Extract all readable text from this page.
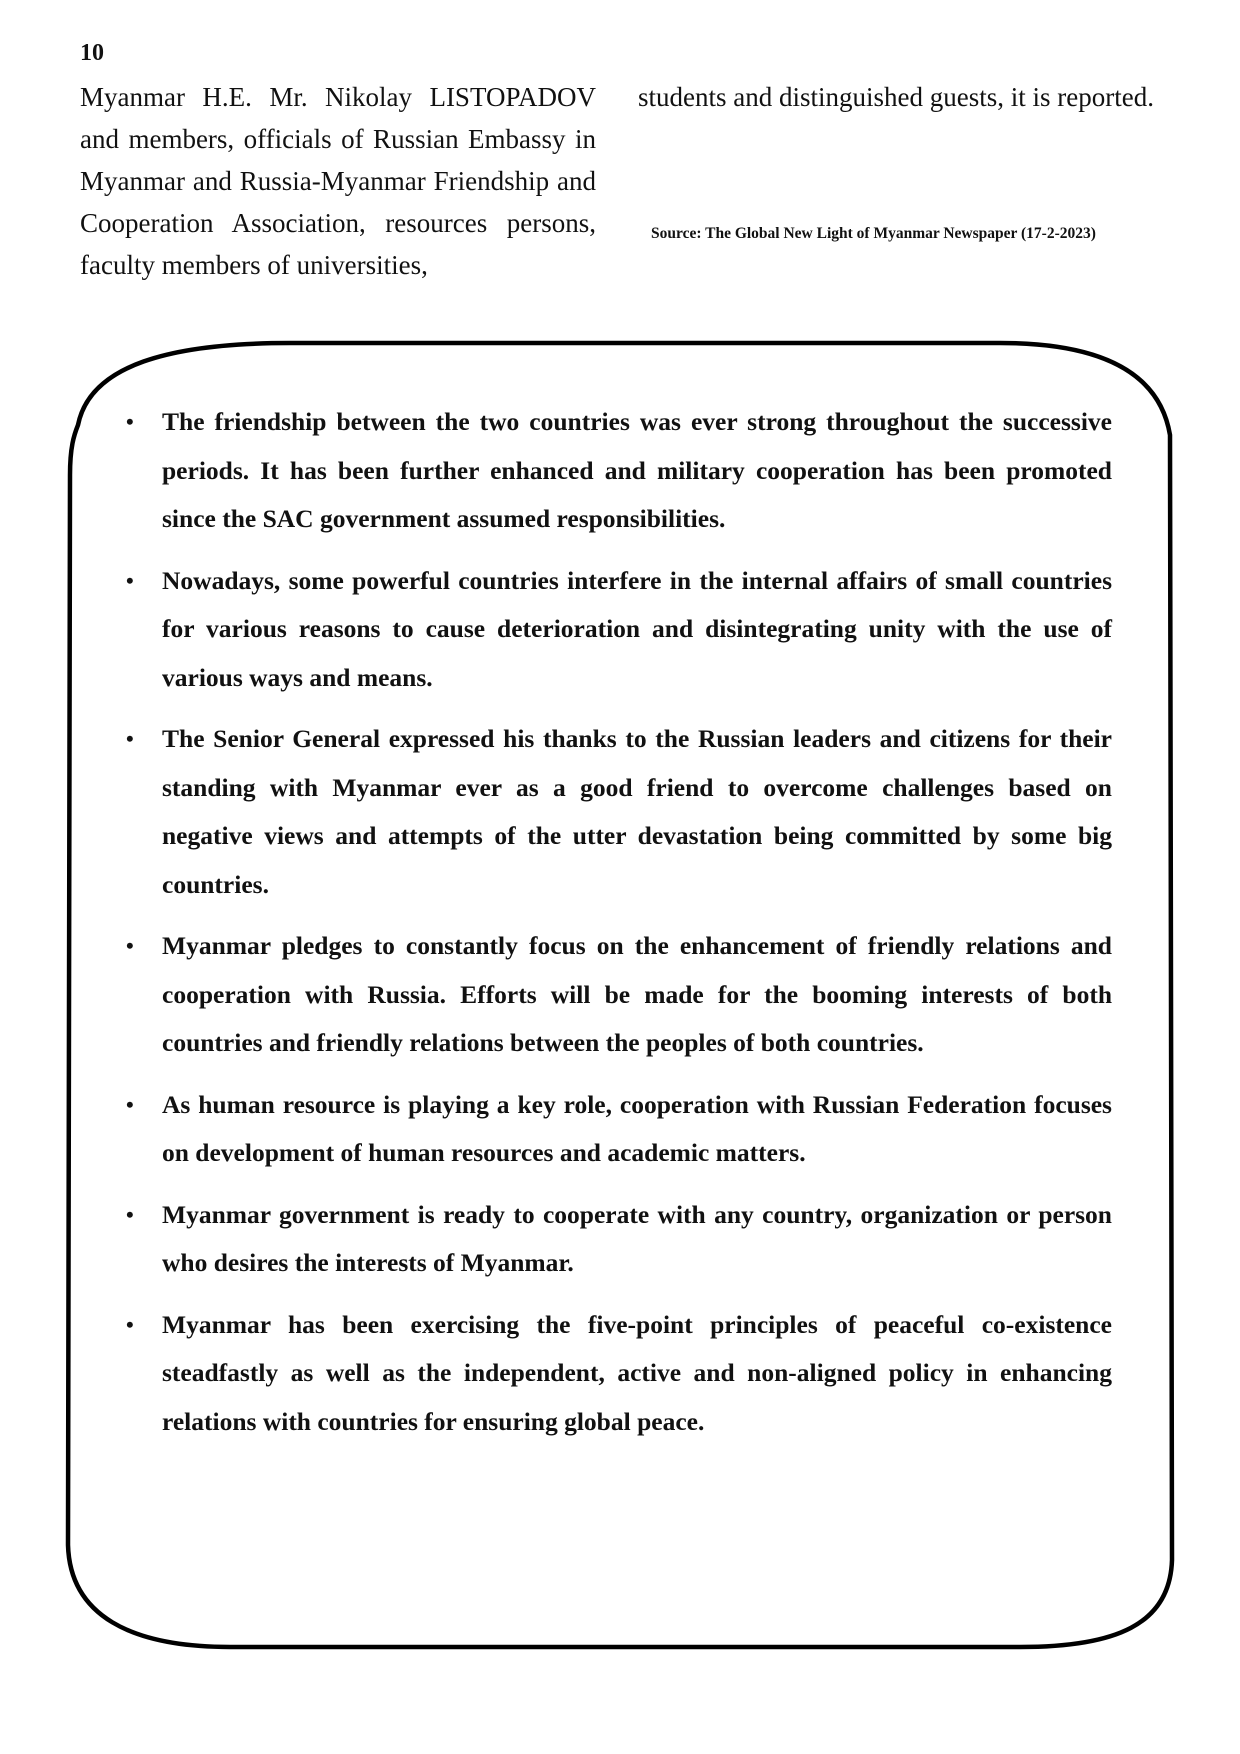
10
Myanmar H.E. Mr. Nikolay LISTOPADOV and members, officials of Russian Embassy in Myanmar and Russia-Myanmar Friendship and Cooperation Association, resources persons, faculty members of universities,
students and distinguished guests, it is reported.
Source: The Global New Light of Myanmar Newspaper (17-2-2023)
• The friendship between the two countries was ever strong throughout the successive periods. It has been further enhanced and military cooperation has been promoted since the SAC government assumed responsibilities.
• Nowadays, some powerful countries interfere in the internal affairs of small countries for various reasons to cause deterioration and disintegrating unity with the use of various ways and means.
• The Senior General expressed his thanks to the Russian leaders and citizens for their standing with Myanmar ever as a good friend to overcome challenges based on negative views and attempts of the utter devastation being committed by some big countries.
• Myanmar pledges to constantly focus on the enhancement of friendly relations and cooperation with Russia. Efforts will be made for the booming interests of both countries and friendly relations between the peoples of both countries.
• As human resource is playing a key role, cooperation with Russian Federation focuses on development of human resources and academic matters.
• Myanmar government is ready to cooperate with any country, organization or person who desires the interests of Myanmar.
• Myanmar has been exercising the five-point principles of peaceful co-existence steadfastly as well as the independent, active and non-aligned policy in enhancing relations with countries for ensuring global peace.
